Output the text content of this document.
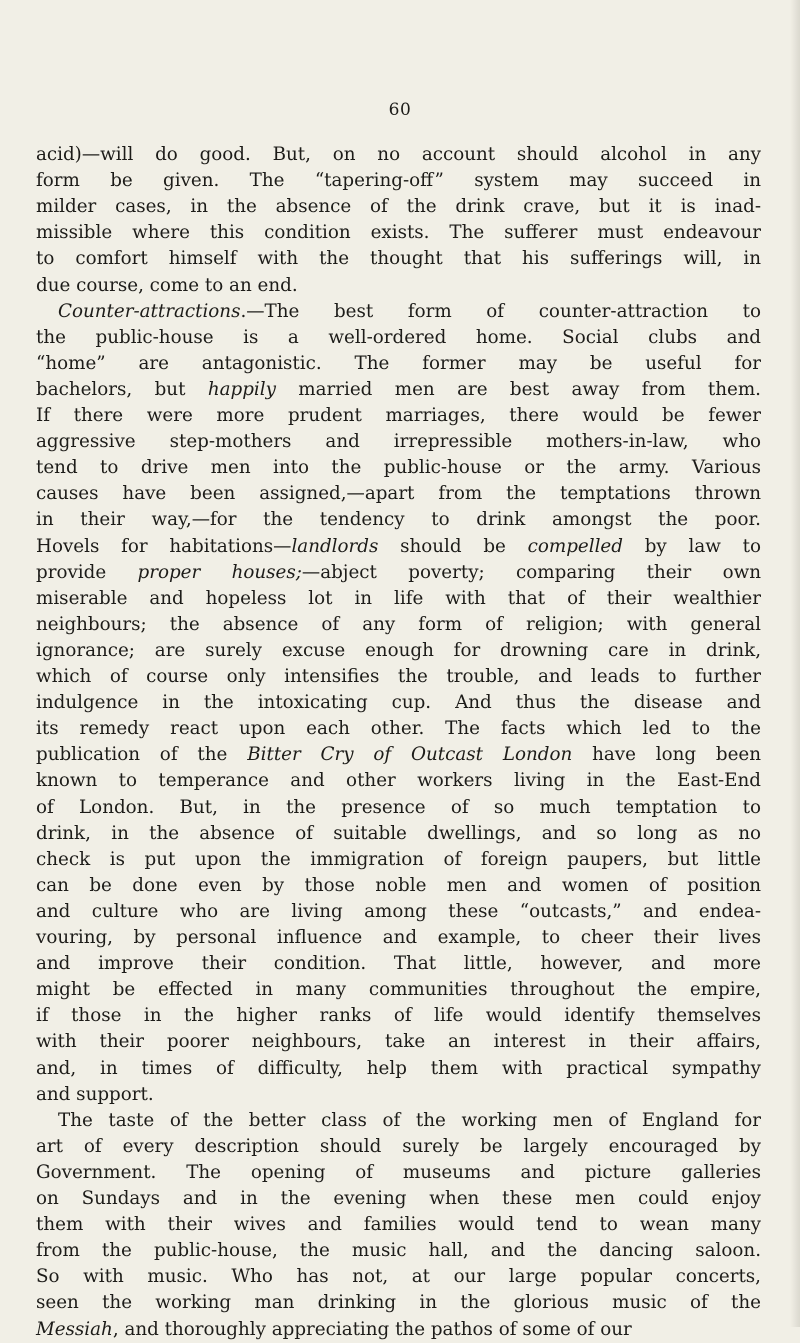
60
acid)—will do good. But, on no account should alcohol in any
form be given. The “tapering-off” system may succeed in
milder cases, in the absence of the drink crave, but it is inad-
missible where this condition exists. The sufferer must endeavour
to comfort himself with the thought that his sufferings will, in
due course, come to an end.
Counter-attractions.—The best form of counter-attraction to
the public-house is a well-ordered home. Social clubs and
“home” are antagonistic. The former may be useful for
bachelors, but happily married men are best away from them.
If there were more prudent marriages, there would be fewer
aggressive step-mothers and irrepressible mothers-in-law, who
tend to drive men into the public-house or the army. Various
causes have been assigned,—apart from the temptations thrown
in their way,—for the tendency to drink amongst the poor.
Hovels for habitations—landlords should be compelled by law to
provide proper houses;—abject poverty; comparing their own
miserable and hopeless lot in life with that of their wealthier
neighbours; the absence of any form of religion; with general
ignorance; are surely excuse enough for drowning care in drink,
which of course only intensifies the trouble, and leads to further
indulgence in the intoxicating cup. And thus the disease and
its remedy react upon each other. The facts which led to the
publication of the Bitter Cry of Outcast London have long been
known to temperance and other workers living in the East-End
of London. But, in the presence of so much temptation to
drink, in the absence of suitable dwellings, and so long as no
check is put upon the immigration of foreign paupers, but little
can be done even by those noble men and women of position
and culture who are living among these “outcasts,” and endea-
vouring, by personal influence and example, to cheer their lives
and improve their condition. That little, however, and more
might be effected in many communities throughout the empire,
if those in the higher ranks of life would identify themselves
with their poorer neighbours, take an interest in their affairs,
and, in times of difficulty, help them with practical sympathy
and support.
The taste of the better class of the working men of England for
art of every description should surely be largely encouraged by
Government. The opening of museums and picture galleries
on Sundays and in the evening when these men could enjoy
them with their wives and families would tend to wean many
from the public-house, the music hall, and the dancing saloon.
So with music. Who has not, at our large popular concerts,
seen the working man drinking in the glorious music of the
Messiah, and thoroughly appreciating the pathos of some of our
